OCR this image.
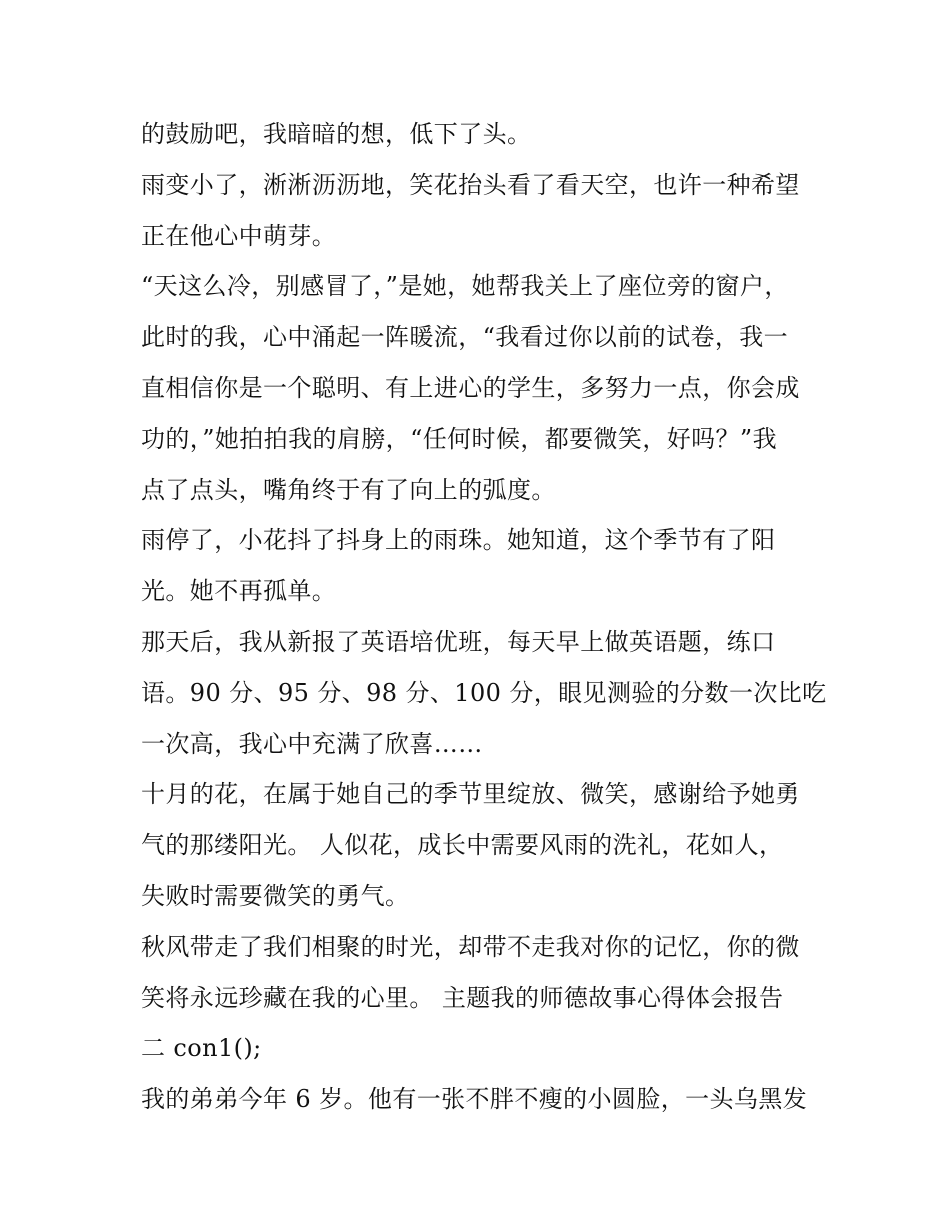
的鼓励吧，我暗暗的想，低下了头。
雨变小了，淅淅沥沥地，笑花抬头看了看天空，也许一种希望
正在他心中萌芽。
“天这么冷，别感冒了，”是她，她帮我关上了座位旁的窗户，
此时的我，心中涌起一阵暖流，“我看过你以前的试卷，我一
直相信你是一个聪明、有上进心的学生，多努力一点，你会成
功的，”她拍拍我的肩膀，“任何时候，都要微笑，好吗？”我
点了点头，嘴角终于有了向上的弧度。
雨停了，小花抖了抖身上的雨珠。她知道，这个季节有了阳
光。她不再孤单。
那天后，我从新报了英语培优班，每天早上做英语题，练口
语。90 分、95 分、98 分、100 分，眼见测验的分数一次比吃
一次高，我心中充满了欣喜……
十月的花，在属于她自己的季节里绽放、微笑，感谢给予她勇
气的那缕阳光。 人似花，成长中需要风雨的洗礼，花如人，
失败时需要微笑的勇气。
秋风带走了我们相聚的时光，却带不走我对你的记忆，你的微
笑将永远珍藏在我的心里。 主题我的师德故事心得体会报告
二 con1();
我的弟弟今年 6 岁。他有一张不胖不瘦的小圆脸，一头乌黑发
